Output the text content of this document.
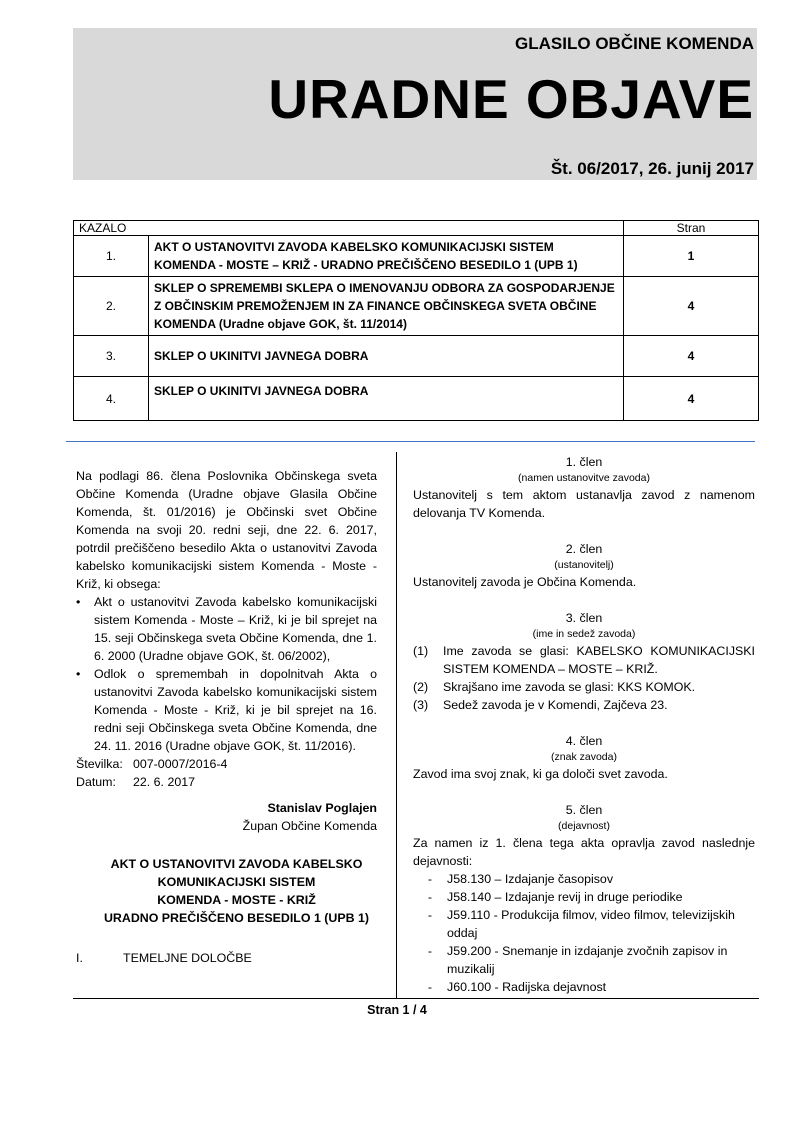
GLASILO OBČINE KOMENDA
URADNE OBJAVE
Št. 06/2017, 26. junij 2017
KAZALO		Stran
1.	AKT O USTANOVITVI ZAVODA KABELSKO KOMUNIKACIJSKI SISTEM KOMENDA - MOSTE – KRIŽ - URADNO PREČIŠČENO BESEDILO 1 (UPB 1)	1
2.	SKLEP O SPREMEMBI SKLEPA O IMENOVANJU ODBORA ZA GOSPODARJENJE Z OBČINSKIM PREMOŽENJEM IN ZA FINANCE OBČINSKEGA SVETA OBČINE KOMENDA (Uradne objave GOK, št. 11/2014)	4
3.	SKLEP O UKINITVI JAVNEGA DOBRA	4
4.	SKLEP O UKINITVI JAVNEGA DOBRA	4
Na podlagi 86. člena Poslovnika Občinskega sveta Občine Komenda (Uradne objave Glasila Občine Komenda, št. 01/2016) je Občinski svet Občine Komenda na svoji 20. redni seji, dne 22. 6. 2017, potrdil prečiščeno besedilo Akta o ustanovitvi Zavoda kabelsko komunikacijski sistem Komenda - Moste - Križ, ki obsega:
• Akt o ustanovitvi Zavoda kabelsko komunikacijski sistem Komenda - Moste – Križ, ki je bil sprejet na 15. seji Občinskega sveta Občine Komenda, dne 1. 6. 2000 (Uradne objave GOK, št. 06/2002),
• Odlok o spremembah in dopolnitvah Akta o ustanovitvi Zavoda kabelsko komunikacijski sistem Komenda - Moste - Križ, ki je bil sprejet na 16. redni seji Občinskega sveta Občine Komenda, dne 24. 11. 2016 (Uradne objave GOK, št. 11/2016).
Številka: 007-0007/2016-4
Datum:	22. 6. 2017
Stanislav Poglajen
Župan Občine Komenda
AKT O USTANOVITVI ZAVODA KABELSKO
KOMUNIKACIJSKI SISTEM
KOMENDA - MOSTE - KRIŽ
URADNO PREČIŠČENO BESEDILO 1 (UPB 1)
I.	TEMELJNE DOLOČBE
1. člen
(namen ustanovitve zavoda)
Ustanovitelj s tem aktom ustanavlja zavod z namenom delovanja TV Komenda.
2. člen
(ustanovitelj)
Ustanovitelj zavoda je Občina Komenda.
3. člen
(ime in sedež zavoda)
(1)	Ime zavoda se glasi: KABELSKO KOMUNIKACIJSKI SISTEM KOMENDA – MOSTE – KRIŽ.
(2)	Skrajšano ime zavoda se glasi: KKS KOMOK.
(3)	Sedež zavoda je v Komendi, Zajčeva 23.
4. člen
(znak zavoda)
Zavod ima svoj znak, ki ga določi svet zavoda.
5. člen
(dejavnost)
Za namen iz 1. člena tega akta opravlja zavod naslednje dejavnosti:
-	J58.130 – Izdajanje časopisov
-	J58.140 – Izdajanje revij in druge periodike
-	J59.110 - Produkcija filmov, video filmov, televizijskih oddaj
-	J59.200 - Snemanje in izdajanje zvočnih zapisov in muzikalij
-	J60.100 - Radijska dejavnost
Stran 1 / 4
